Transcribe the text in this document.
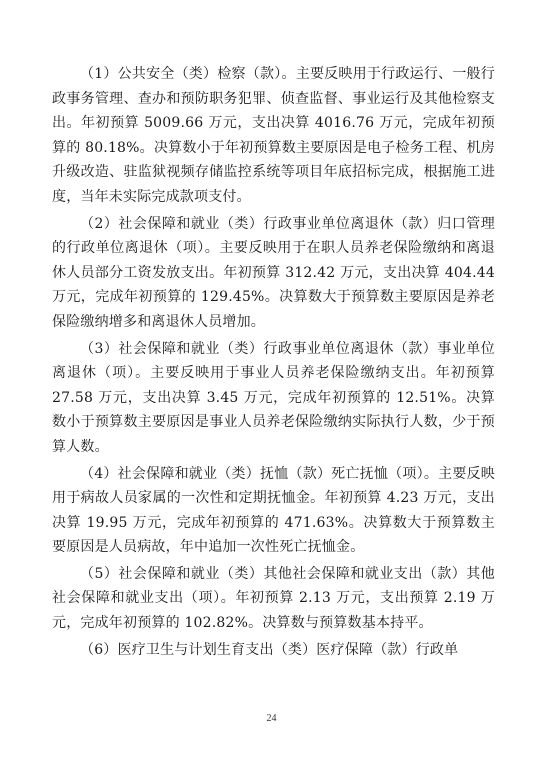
（1）公共安全（类）检察（款）。主要反映用于行政运行、一般行政事务管理、查办和预防职务犯罪、侦查监督、事业运行及其他检察支出。年初预算 5009.66 万元，支出决算 4016.76 万元，完成年初预算的 80.18%。决算数小于年初预算数主要原因是电子检务工程、机房升级改造、驻监狱视频存储监控系统等项目年底招标完成，根据施工进度，当年未实际完成款项支付。

（2）社会保障和就业（类）行政事业单位离退休（款）归口管理的行政单位离退休（项）。主要反映用于在职人员养老保险缴纳和离退休人员部分工资发放支出。年初预算 312.42 万元，支出决算 404.44 万元，完成年初预算的 129.45%。决算数大于预算数主要原因是养老保险缴纳增多和离退休人员增加。

（3）社会保障和就业（类）行政事业单位离退休（款）事业单位离退休（项）。主要反映用于事业人员养老保险缴纳支出。年初预算 27.58 万元，支出决算 3.45 万元，完成年初预算的 12.51%。决算数小于预算数主要原因是事业人员养老保险缴纳实际执行人数，少于预算人数。

（4）社会保障和就业（类）抚恤（款）死亡抚恤（项）。主要反映用于病故人员家属的一次性和定期抚恤金。年初预算 4.23 万元，支出决算 19.95 万元，完成年初预算的 471.63%。决算数大于预算数主要原因是人员病故，年中追加一次性死亡抚恤金。

（5）社会保障和就业（类）其他社会保障和就业支出（款）其他社会保障和就业支出（项）。年初预算 2.13 万元，支出预算 2.19 万元，完成年初预算的 102.82%。决算数与预算数基本持平。

（6）医疗卫生与计划生育支出（类）医疗保障（款）行政单

24
